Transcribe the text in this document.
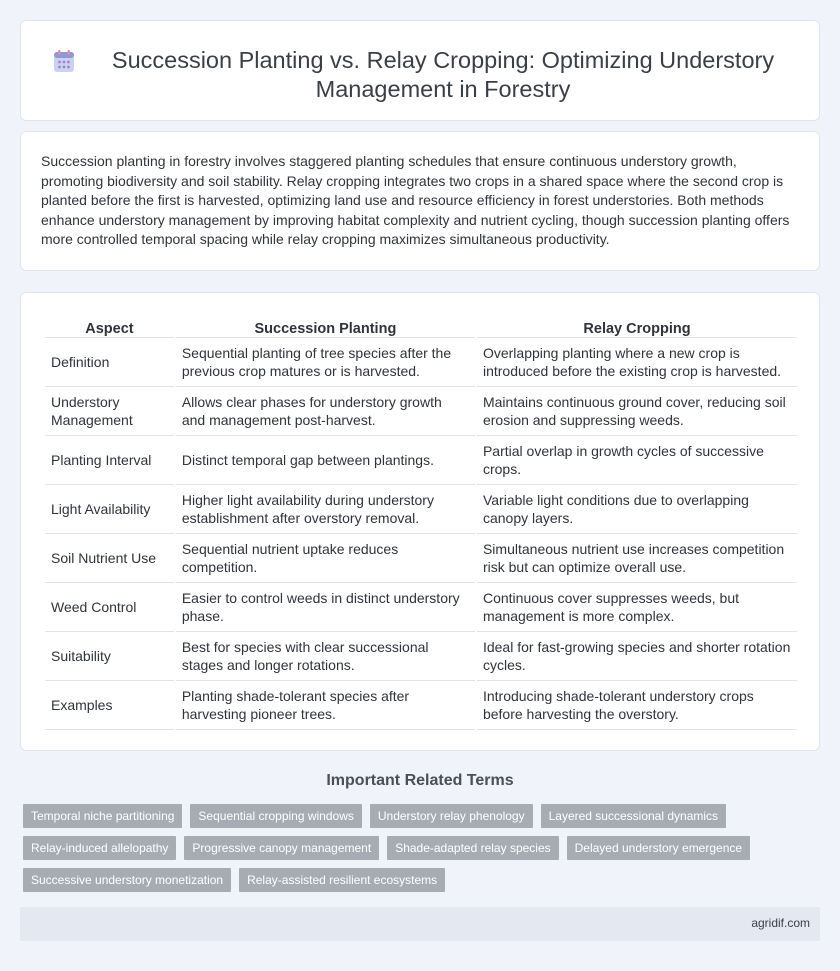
Succession Planting vs. Relay Cropping: Optimizing Understory Management in Forestry

Succession planting in forestry involves staggered planting schedules that ensure continuous understory growth, promoting biodiversity and soil stability. Relay cropping integrates two crops in a shared space where the second crop is planted before the first is harvested, optimizing land use and resource efficiency in forest understories. Both methods enhance understory management by improving habitat complexity and nutrient cycling, though succession planting offers more controlled temporal spacing while relay cropping maximizes simultaneous productivity.

Aspect	Succession Planting	Relay Cropping
Definition	Sequential planting of tree species after the previous crop matures or is harvested.	Overlapping planting where a new crop is introduced before the existing crop is harvested.
Understory Management	Allows clear phases for understory growth and management post-harvest.	Maintains continuous ground cover, reducing soil erosion and suppressing weeds.
Planting Interval	Distinct temporal gap between plantings.	Partial overlap in growth cycles of successive crops.
Light Availability	Higher light availability during understory establishment after overstory removal.	Variable light conditions due to overlapping canopy layers.
Soil Nutrient Use	Sequential nutrient uptake reduces competition.	Simultaneous nutrient use increases competition risk but can optimize overall use.
Weed Control	Easier to control weeds in distinct understory phase.	Continuous cover suppresses weeds, but management is more complex.
Suitability	Best for species with clear successional stages and longer rotations.	Ideal for fast-growing species and shorter rotation cycles.
Examples	Planting shade-tolerant species after harvesting pioneer trees.	Introducing shade-tolerant understory crops before harvesting the overstory.
Important Related Terms
Temporal niche partitioning	Sequential cropping windows	Understory relay phenology	Layered successional dynamics
Relay-induced allelopathy	Progressive canopy management	Shade-adapted relay species	Delayed understory emergence
Successive understory monetization	Relay-assisted resilient ecosystems
agridif.com
